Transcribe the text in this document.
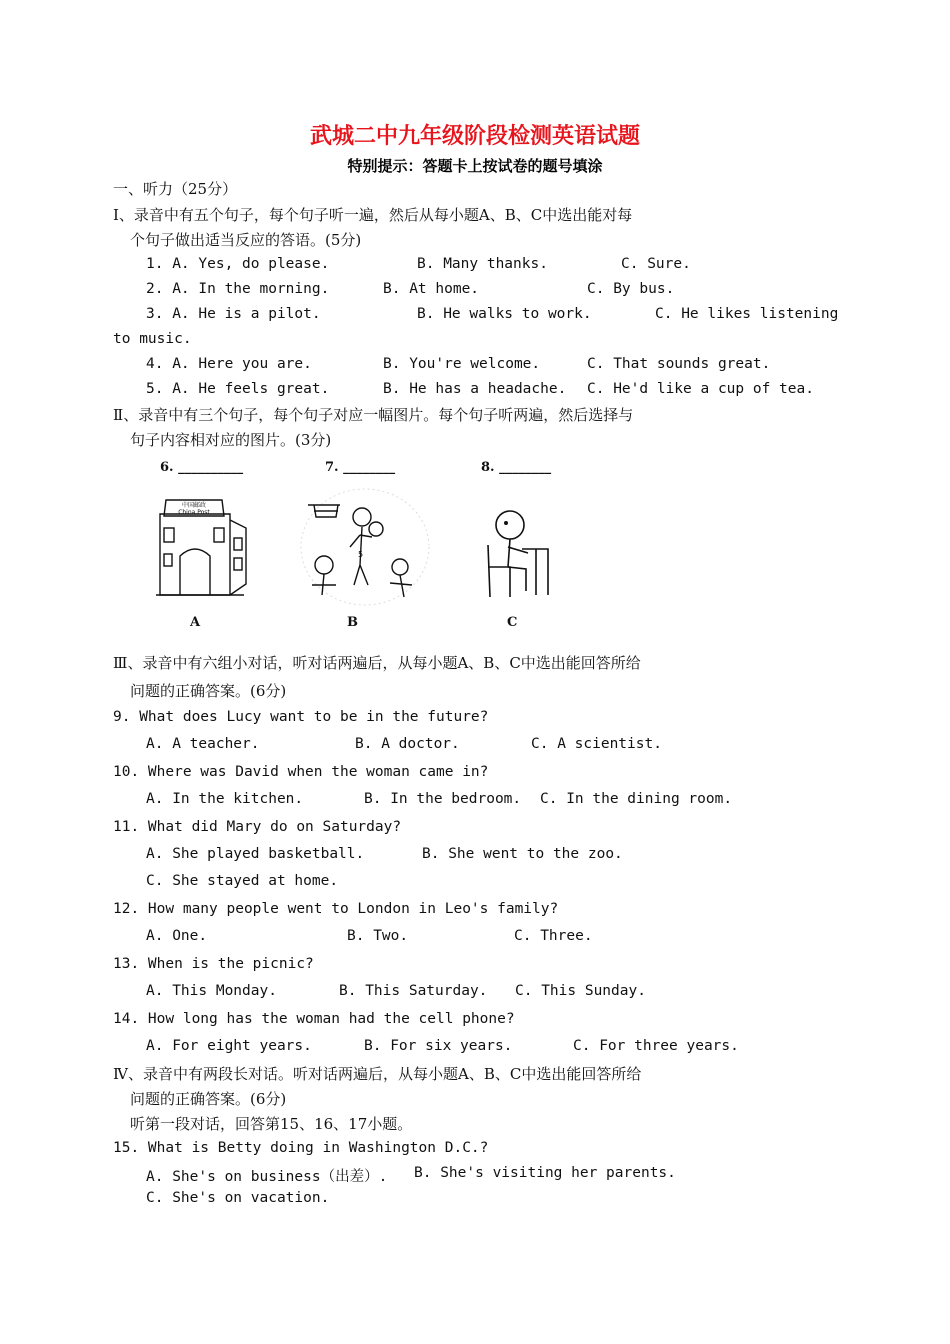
武城二中九年级阶段检测英语试题
特别提示：答题卡上按试卷的题号填涂
一、听力（25分）
Ⅰ、录音中有五个句子，每个句子听一遍，然后从每小题A、B、C中选出能对每
个句子做出适当反应的答语。(5分)
1. A. Yes, do please.	B. Many thanks.	C. Sure.
2. A. In the morning.	B. At home.	C. By bus.
3. A. He is a pilot.	B. He walks to work.	C. He likes listening
to music.
4. A. Here you are.	B. You're welcome.	C. That sounds great.
5. A. He feels great.	B. He has a headache. C. He'd like a cup of tea.
Ⅱ、录音中有三个句子，每个句子对应一幅图片。每个句子听两遍，然后选择与
句子内容相对应的图片。(3分)
6. __________	7. ________	8. ________
中国邮政
China Post
5
A	B	C
Ⅲ、录音中有六组小对话，听对话两遍后，从每小题A、B、C中选出能回答所给
问题的正确答案。(6分)
9. What does Lucy want to be in the future?
A. A teacher.	B. A doctor.	C. A scientist.
10. Where was David when the woman came in?
A. In the kitchen.	B. In the bedroom. C. In the dining room.
11. What did Mary do on Saturday?
A. She played basketball.	B. She went to the zoo.
C. She stayed at home.
12. How many people went to London in Leo's family?
A. One.	B. Two.	C. Three.
13. When is the picnic?
A. This Monday.	B. This Saturday. C. This Sunday.
14. How long has the woman had the cell phone?
A. For eight years.	B. For six years.	C. For three years.
Ⅳ、录音中有两段长对话。听对话两遍后，从每小题A、B、C中选出能回答所给
问题的正确答案。(6分)
听第一段对话，回答第15、16、17小题。
15. What is Betty doing in Washington D.C.?
A. She's on business（出差）. B. She's visiting her parents.
C. She's on vacation.
